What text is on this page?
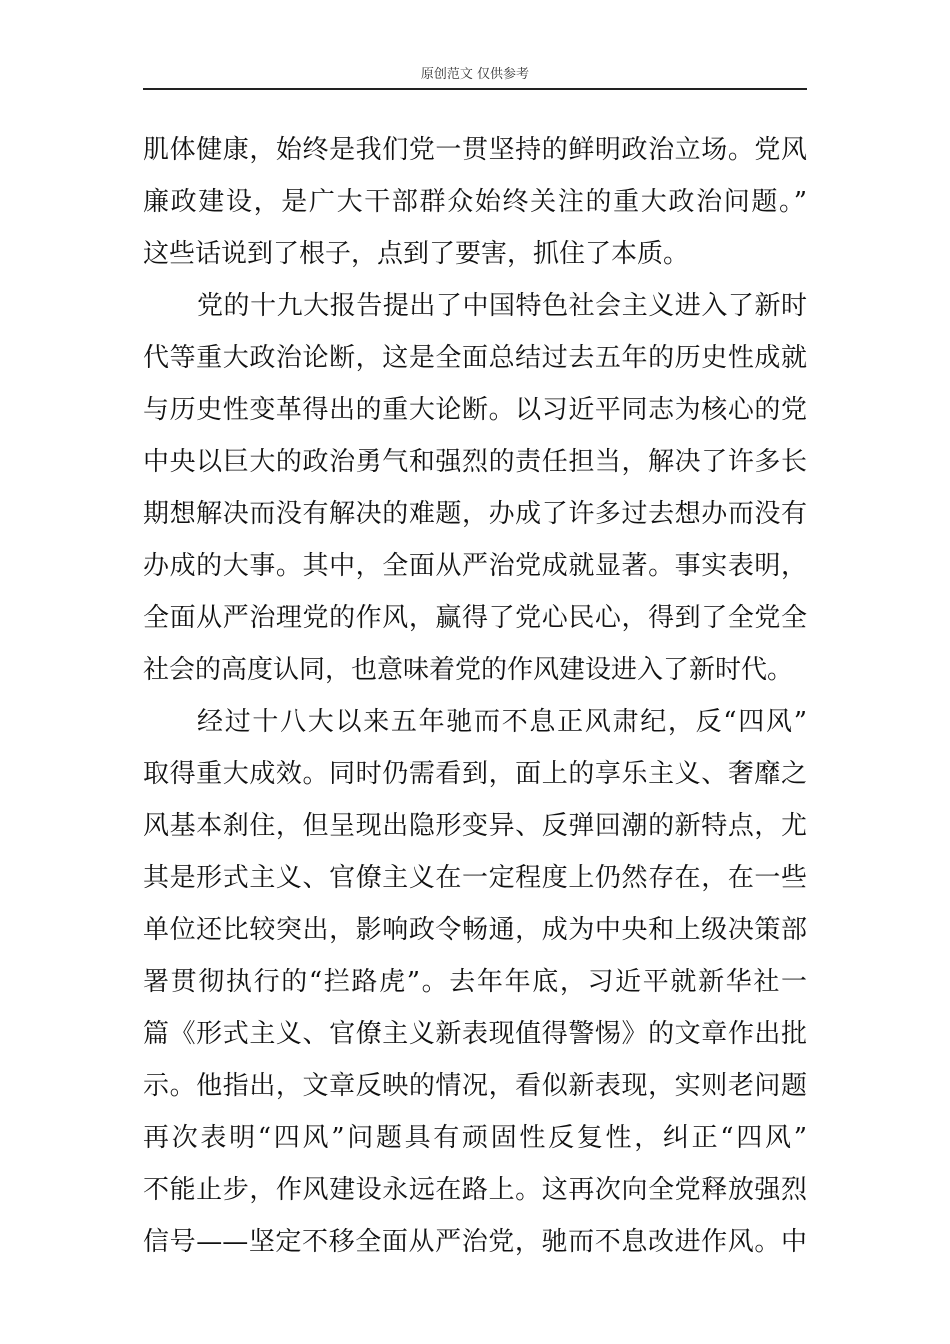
原创范文 仅供参考
肌体健康，始终是我们党一贯坚持的鲜明政治立场。党风
廉政建设，是广大干部群众始终关注的重大政治问题。”
这些话说到了根子，点到了要害，抓住了本质。
党的十九大报告提出了中国特色社会主义进入了新时
代等重大政治论断，这是全面总结过去五年的历史性成就
与历史性变革得出的重大论断。以习近平同志为核心的党
中央以巨大的政治勇气和强烈的责任担当，解决了许多长
期想解决而没有解决的难题，办成了许多过去想办而没有
办成的大事。其中，全面从严治党成就显著。事实表明，
全面从严治理党的作风，赢得了党心民心，得到了全党全
社会的高度认同，也意味着党的作风建设进入了新时代。
经过十八大以来五年驰而不息正风肃纪，反“四风”
取得重大成效。同时仍需看到，面上的享乐主义、奢靡之
风基本刹住，但呈现出隐形变异、反弹回潮的新特点，尤
其是形式主义、官僚主义在一定程度上仍然存在，在一些
单位还比较突出，影响政令畅通，成为中央和上级决策部
署贯彻执行的“拦路虎”。去年年底，习近平就新华社一
篇《形式主义、官僚主义新表现值得警惕》的文章作出批
示。他指出，文章反映的情况，看似新表现，实则老问题
再次表明“四风”问题具有顽固性反复性，纠正“四风”
不能止步，作风建设永远在路上。这再次向全党释放强烈
信号——坚定不移全面从严治党，驰而不息改进作风。中
